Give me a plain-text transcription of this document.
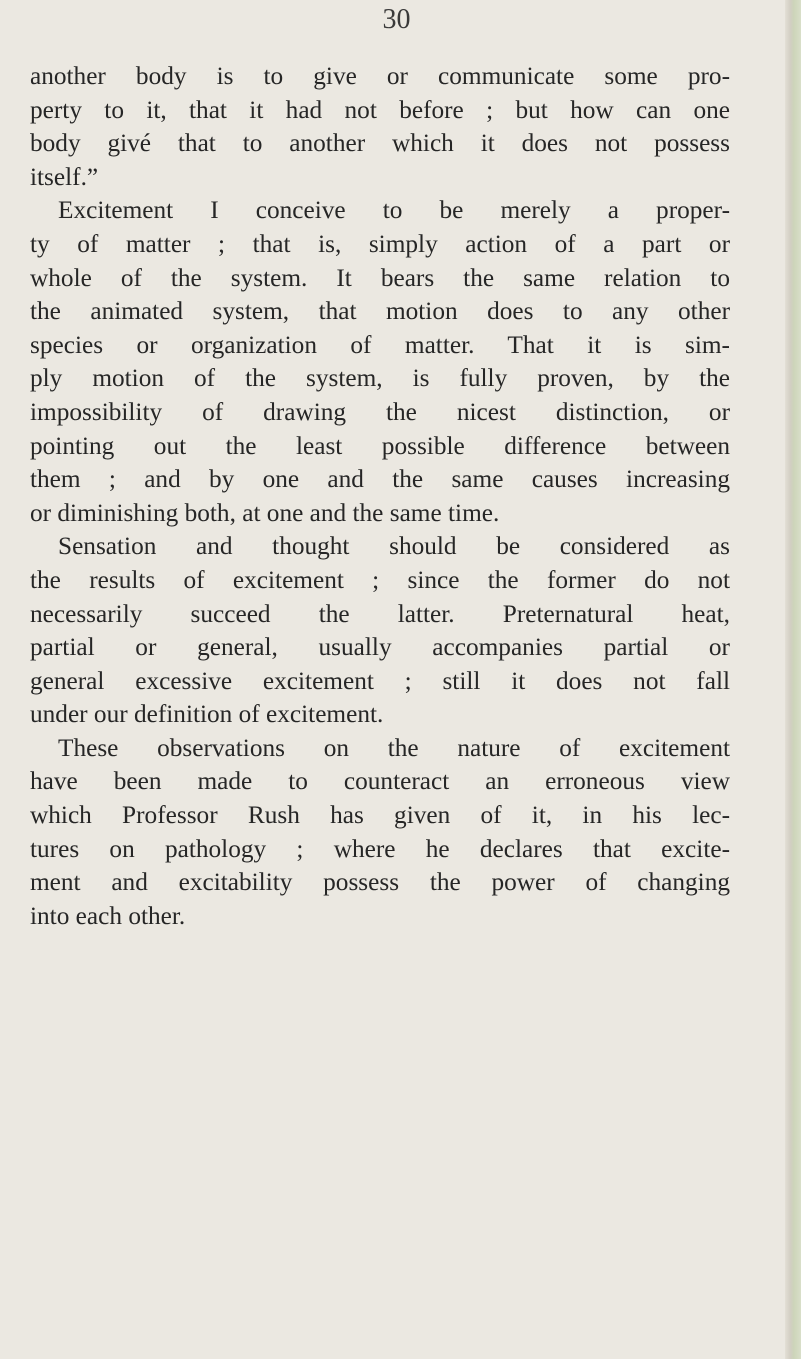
30
another body is to give or communicate some pro-
perty to it, that it had not before ; but how can one
body givé that to another which it does not possess
itself.”
Excitement I conceive to be merely a proper-
ty of matter ; that is, simply action of a part or
whole of the system. It bears the same relation to
the animated system, that motion does to any other
species or organization of matter. That it is sim-
ply motion of the system, is fully proven, by the
impossibility of drawing the nicest distinction, or
pointing out the least possible difference between
them ; and by one and the same causes increasing
or diminishing both, at one and the same time.
Sensation and thought should be considered as
the results of excitement ; since the former do not
necessarily succeed the latter. Preternatural heat,
partial or general, usually accompanies partial or
general excessive excitement ; still it does not fall
under our definition of excitement.
These observations on the nature of excitement
have been made to counteract an erroneous view
which Professor Rush has given of it, in his lec-
tures on pathology ; where he declares that excite-
ment and excitability possess the power of changing
into each other.
